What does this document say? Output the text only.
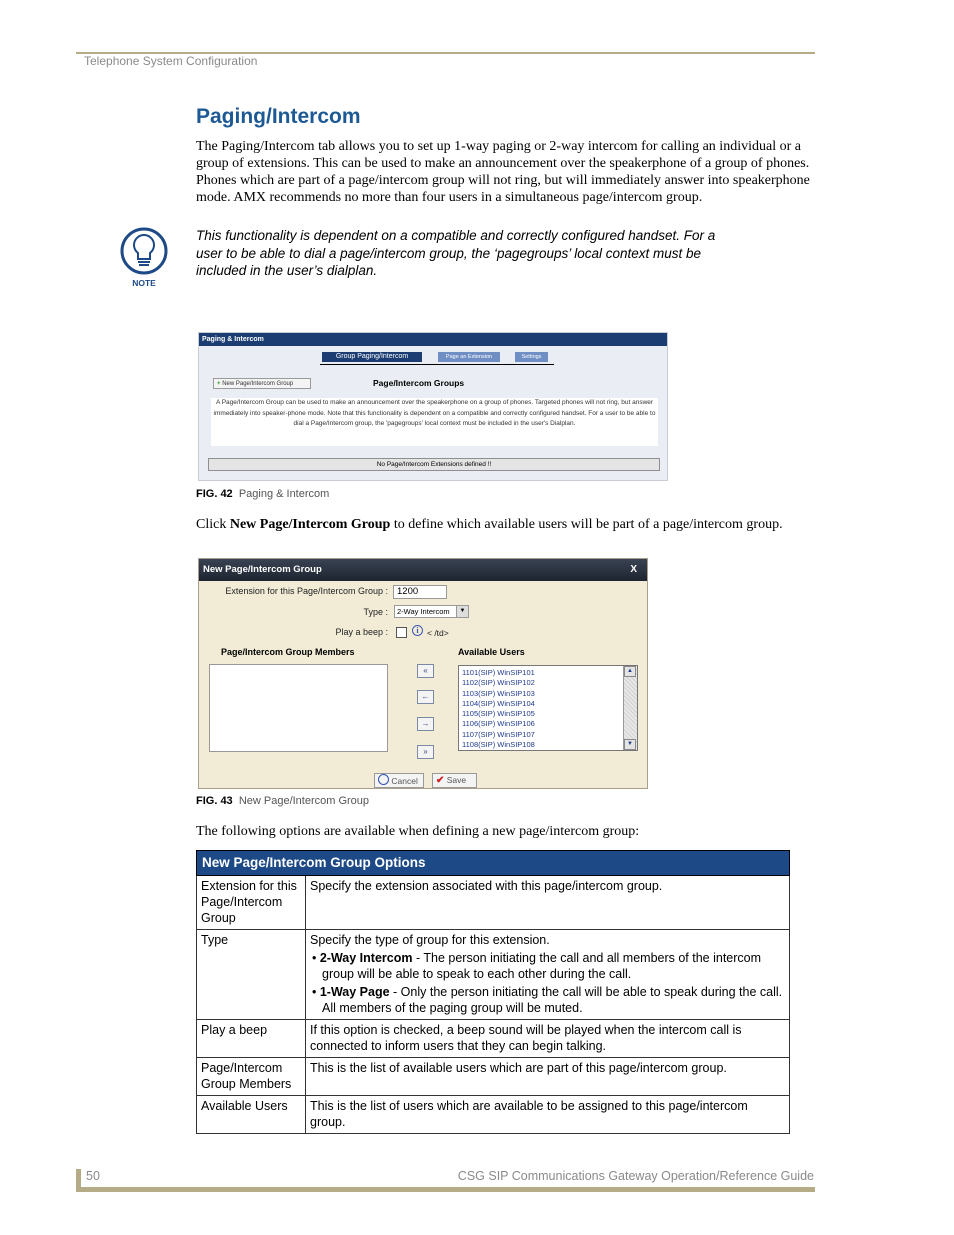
Telephone System Configuration
Paging/Intercom
The Paging/Intercom tab allows you to set up 1-way paging or 2-way intercom for calling an individual or a group of extensions. This can be used to make an announcement over the speakerphone of a group of phones. Phones which are part of a page/intercom group will not ring, but will immediately answer into speakerphone mode. AMX recommends no more than four users in a simultaneous page/intercom group.
NOTE
This functionality is dependent on a compatible and correctly configured handset. For a user to be able to dial a page/intercom group, the ‘pagegroups’ local context must be included in the user’s dialplan.
Paging & Intercom
Group Paging/Intercom	Page an Extension	Settings
+ New Page/Intercom Group	Page/Intercom Groups
A Page/Intercom Group can be used to make an announcement over the speakerphone on a group of phones. Targeted phones will not ring, but answer immediately into speaker-phone mode. Note that this functionality is dependent on a compatible and correctly configured handset. For a user to be able to dial a Page/Intercom group, the 'pagegroups' local context must be included in the user's Dialplan.
No Page/Intercom Extensions defined !!
FIG. 42 Paging & Intercom
Click New Page/Intercom Group to define which available users will be part of a page/intercom group.
New Page/Intercom Group	X
Extension for this Page/Intercom Group : 1200
Type :	2-Way Intercom	▼
Play a beep :	i < /td>
Page/Intercom Group Members	Available Users
«
←
→
»
1101(SIP) WinSIP101
1102(SIP) WinSIP102
1103(SIP) WinSIP103
1104(SIP) WinSIP104
1105(SIP) WinSIP105
1106(SIP) WinSIP106
1107(SIP) WinSIP107
1108(SIP) WinSIP108
▲
▼
Cancel	✔ Save
FIG. 43 New Page/Intercom Group
The following options are available when defining a new page/intercom group:
New Page/Intercom Group Options	
Extension for this Page/Intercom Group	Specify the extension associated with this page/intercom group.
Type	Specify the type of group for this extension.
• 2-Way Intercom - The person initiating the call and all members of the intercom group will be able to speak to each other during the call.
• 1-Way Page - Only the person initiating the call will be able to speak during the call. All members of the paging group will be muted.

Play a beep	If this option is checked, a beep sound will be played when the intercom call is connected to inform users that they can begin talking.
Page/Intercom Group Members	This is the list of available users which are part of this page/intercom group.
Available Users	This is the list of users which are available to be assigned to this page/intercom group.
50	CSG SIP Communications Gateway Operation/Reference Guide
